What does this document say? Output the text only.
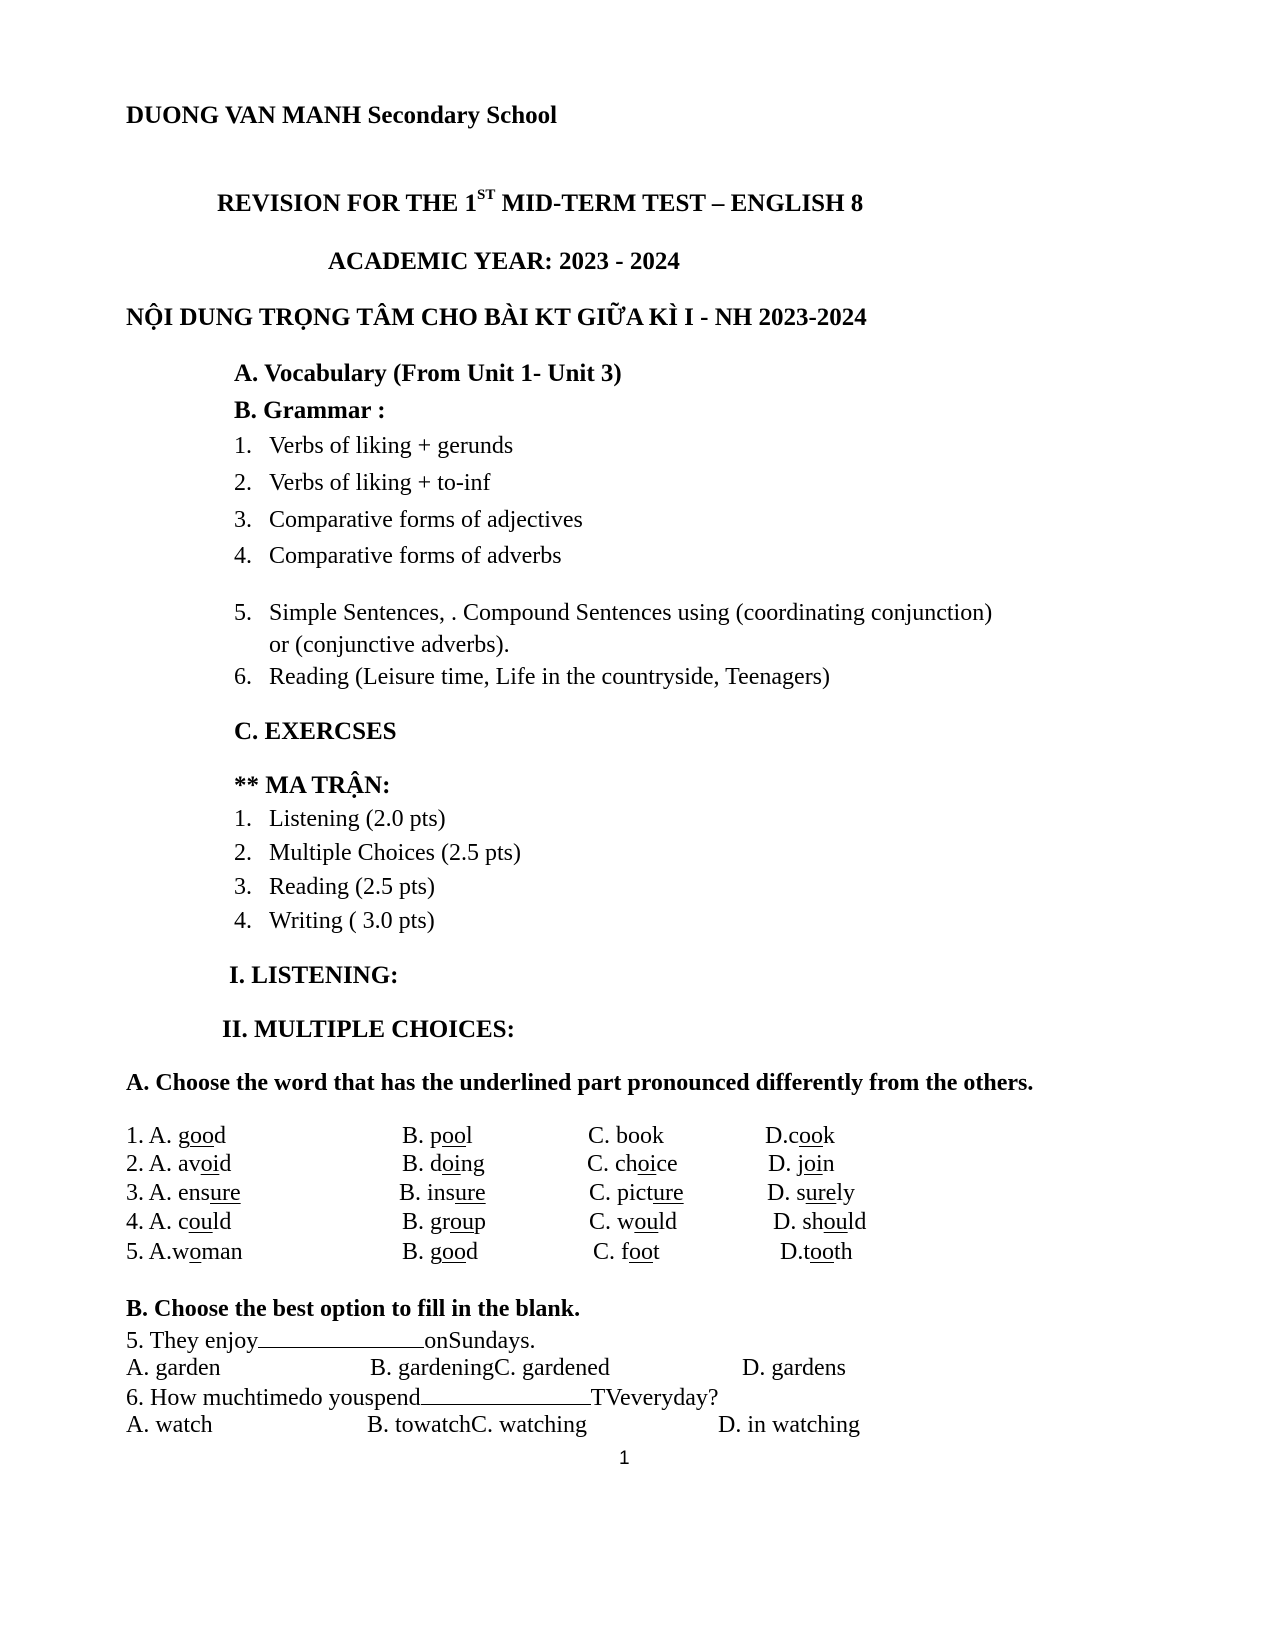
DUONG VAN MANH Secondary School
REVISION FOR THE 1ST MID-TERM TEST – ENGLISH 8
ACADEMIC YEAR: 2023 - 2024
NỘI DUNG TRỌNG TÂM CHO BÀI KT GIỮA KÌ I - NH 2023-2024
A. Vocabulary (From Unit 1- Unit 3)
B. Grammar :
1. Verbs of liking + gerunds
2. Verbs of liking + to-inf
3. Comparative forms of adjectives
4. Comparative forms of adverbs
5. Simple Sentences, . Compound Sentences using (coordinating conjunction)
or (conjunctive adverbs).
6. Reading (Leisure time, Life in the countryside, Teenagers)
C. EXERCSES
** MA TRẬN:
1. Listening (2.0 pts)
2. Multiple Choices (2.5 pts)
3. Reading (2.5 pts)
4. Writing ( 3.0 pts)
I. LISTENING:
II. MULTIPLE CHOICES:
A. Choose the word that has the underlined part pronounced differently from the others.
1. A. good	B. pool	C. book	D.cook
2. A. avoid	B. doing	C. choice	D. join
3. A. ensure	B. insure	C. picture	D. surely
4. A. could	B. group	C. would	D. should
5. A.woman	B. good	C. foot	D.tooth
B. Choose the best option to fill in the blank.
5. They enjoy	onSundays.
A. garden	B. gardeningC. gardened	D. gardens
6. How muchtimedo youspend	TVeveryday?
A. watch	B. towatchC. watching	D. in watching
1
